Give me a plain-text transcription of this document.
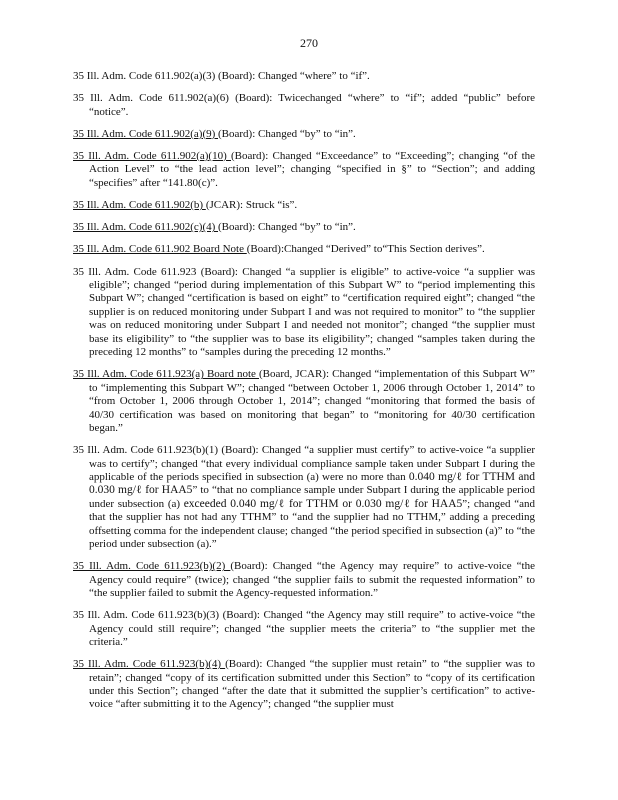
270

35 Ill. Adm. Code 611.902(a)(3) (Board): Changed “where” to “if”.

35 Ill. Adm. Code 611.902(a)(6) (Board): Twicechanged “where” to “if”; added “public” before “notice”.

35 Ill. Adm. Code 611.902(a)(9) (Board): Changed “by” to “in”.

35 Ill. Adm. Code 611.902(a)(10) (Board): Changed “Exceedance” to “Exceeding”; changing “of the Action Level” to “the lead action level”; changing “specified in §” to “Section”; and adding “specifies” after “141.80(c)”.

35 Ill. Adm. Code 611.902(b) (JCAR): Struck “is”.

35 Ill. Adm. Code 611.902(c)(4) (Board): Changed “by” to “in”.

35 Ill. Adm. Code 611.902 Board Note (Board):Changed “Derived” to“This Section derives”.

35 Ill. Adm. Code 611.923 (Board): Changed “a supplier is eligible” to active-voice “a supplier was eligible”; changed “period during implementation of this Subpart W” to “period implementing this Subpart W”; changed “certification is based on eight” to “certification required eight”; changed “the supplier is on reduced monitoring under Subpart I and was not required to monitor” to “the supplier was on reduced monitoring under Subpart I and needed not monitor”; changed “the supplier must base its eligibility” to “the supplier was to base its eligibility”; changed “samples taken during the preceding 12 months” to “samples during the preceding 12 months.”

35 Ill. Adm. Code 611.923(a) Board note (Board, JCAR): Changed “implementation of this Subpart W” to “implementing this Subpart W”; changed “between October 1, 2006 through October 1, 2014” to “from October 1, 2006 through October 1, 2014”; changed “monitoring that formed the basis of 40/30 certification was based on monitoring that began” to “monitoring for 40/30 certification began.”

35 Ill. Adm. Code 611.923(b)(1) (Board): Changed “a supplier must certify” to active-voice “a supplier was to certify”; changed “that every individual compliance sample taken under Subpart I during the applicable of the periods specified in subsection (a) were no more than 0.040 mg/ℓ for TTHM and 0.030 mg/ℓ for HAA5” to “that no compliance sample under Subpart I during the applicable period under subsection (a) exceeded 0.040 mg/ℓ for TTHM or 0.030 mg/ℓ for HAA5”; changed “and that the supplier has not had any TTHM” to “and the supplier had no TTHM,” adding a preceding offsetting comma for the independent clause; changed “the period specified in subsection (a)” to “the period under subsection (a).”

35 Ill. Adm. Code 611.923(b)(2) (Board): Changed “the Agency may require” to active-voice “the Agency could require” (twice); changed “the supplier fails to submit the requested information” to “the supplier failed to submit the Agency-requested information.”

35 Ill. Adm. Code 611.923(b)(3) (Board): Changed “the Agency may still require” to active-voice “the Agency could still require”; changed “the supplier meets the criteria” to “the supplier met the criteria.”

35 Ill. Adm. Code 611.923(b)(4) (Board): Changed “the supplier must retain” to “the supplier was to retain”; changed “copy of its certification submitted under this Section” to “copy of its certification under this Section”; changed “after the date that it submitted the supplier’s certification” to active-voice “after submitting it to the Agency”; changed “the supplier must
